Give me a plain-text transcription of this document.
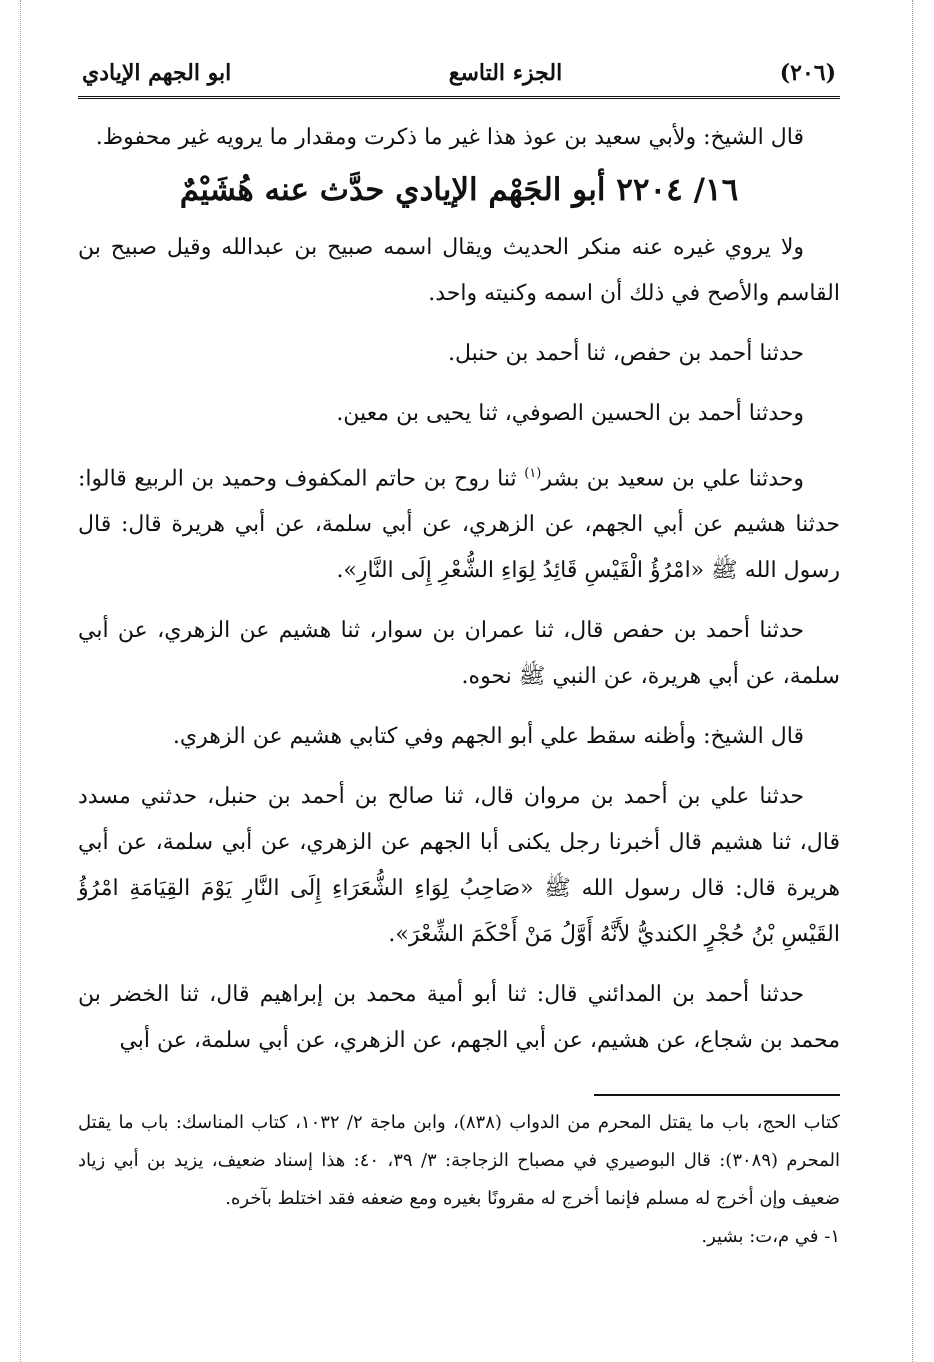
(٢٠٦)
الجزء التاسع
ابو الجهم الإيادي

قال الشيخ: ولأبي سعيد بن عوذ هذا غير ما ذكرت ومقدار ما يرويه غير محفوظ.

١٦/ ٢٢٠٤ أبو الجَهْم الإيادي حدَّث عنه هُشَيْمٌ

ولا يروي غيره عنه منكر الحديث ويقال اسمه صبيح بن عبدالله وقيل صبيح بن القاسم والأصح في ذلك أن اسمه وكنيته واحد.

حدثنا أحمد بن حفص، ثنا أحمد بن حنبل.

وحدثنا أحمد بن الحسين الصوفي، ثنا يحيى بن معين.

وحدثنا علي بن سعيد بن بشر$^{(١)}$ ثنا روح بن حاتم المكفوف وحميد بن الربيع قالوا: حدثنا هشيم عن أبي الجهم، عن الزهري، عن أبي سلمة، عن أبي هريرة قال: قال رسول الله ﷺ «امْرُؤُ الْقَيْسِ قَائِدُ لِوَاءِ الشُّعْرِ إِلَى النَّارِ».

حدثنا أحمد بن حفص قال، ثنا عمران بن سوار، ثنا هشيم عن الزهري، عن أبي سلمة، عن أبي هريرة، عن النبي ﷺ نحوه.

قال الشيخ: وأظنه سقط علي أبو الجهم وفي كتابي هشيم عن الزهري.

حدثنا علي بن أحمد بن مروان قال، ثنا صالح بن أحمد بن حنبل، حدثني مسدد قال، ثنا هشيم قال أخبرنا رجل يكنى أبا الجهم عن الزهري، عن أبي سلمة، عن أبي هريرة قال: قال رسول الله ﷺ «صَاحِبُ لِوَاءِ الشُّعَرَاءِ إِلَى النَّارِ يَوْمَ القِيَامَةِ امْرُؤُ القَيْسِ بْنُ حُجْرٍ الكنديُّ لأَنَّهُ أَوَّلُ مَنْ أَحْكَمَ الشِّعْرَ».

حدثنا أحمد بن المدائني قال: ثنا أبو أمية محمد بن إبراهيم قال، ثنا الخضر بن محمد بن شجاع، عن هشيم، عن أبي الجهم، عن الزهري، عن أبي سلمة، عن أبي

كتاب الحج، باب ما يقتل المحرم من الدواب (٨٣٨)، وابن ماجة ٢/ ١٠٣٢، كتاب المناسك: باب ما يقتل المحرم (٣٠٨٩): قال البوصيري في مصباح الزجاجة: ٣/ ٣٩، ٤٠: هذا إسناد ضعيف، يزيد بن أبي زياد ضعيف وإن أخرج له مسلم فإنما أخرج له مقرونًا بغيره ومع ضعفه فقد اختلط بآخره.

١- في م،ت: بشير.
